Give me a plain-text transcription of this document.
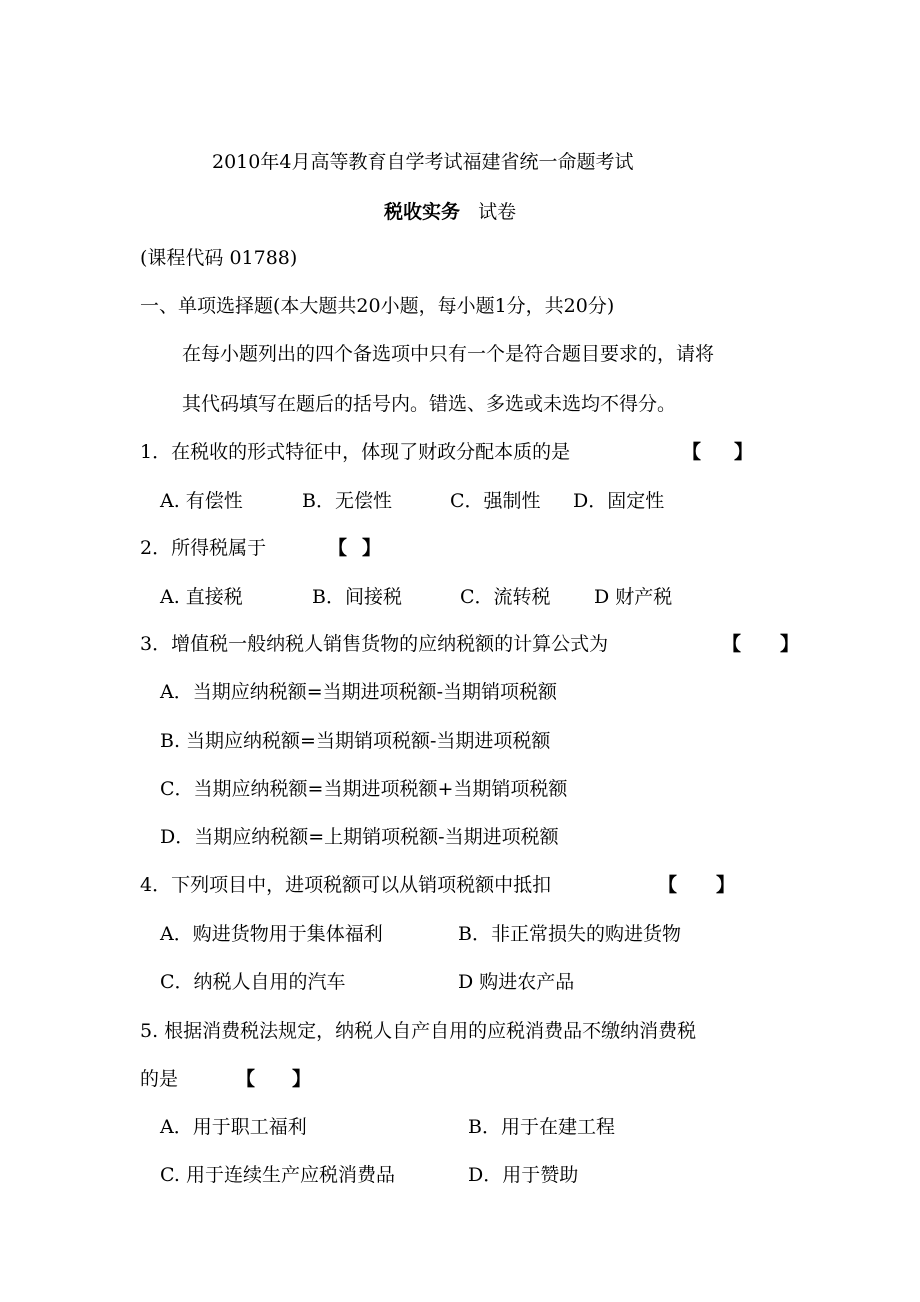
2010年4月高等教育自学考试福建省统一命题考试
税收实务 试卷
(课程代码 01788)
一、单项选择题(本大题共20小题，每小题1分，共20分)
在每小题列出的四个备选项中只有一个是符合题目要求的，请将
其代码填写在题后的括号内。错选、多选或未选均不得分。
1．在税收的形式特征中，体现了财政分配本质的是	【 】
A. 有偿性	B．无偿性	C．强制性 D．固定性
2．所得税属于	【 】
A. 直接税	B．间接税	C．流转税 D 财产税
3．增值税一般纳税人销售货物的应纳税额的计算公式为	【 】
A．当期应纳税额=当期进项税额-当期销项税额
B. 当期应纳税额=当期销项税额-当期进项税额
C．当期应纳税额=当期进项税额+当期销项税额
D．当期应纳税额=上期销项税额-当期进项税额
4．下列项目中，进项税额可以从销项税额中抵扣	【 】
A．购进货物用于集体福利	B．非正常损失的购进货物
C．纳税人自用的汽车	D 购进农产品
5. 根据消费税法规定，纳税人自产自用的应税消费品不缴纳消费税
的是	【 】
A．用于职工福利	B．用于在建工程
C. 用于连续生产应税消费品	D．用于赞助
